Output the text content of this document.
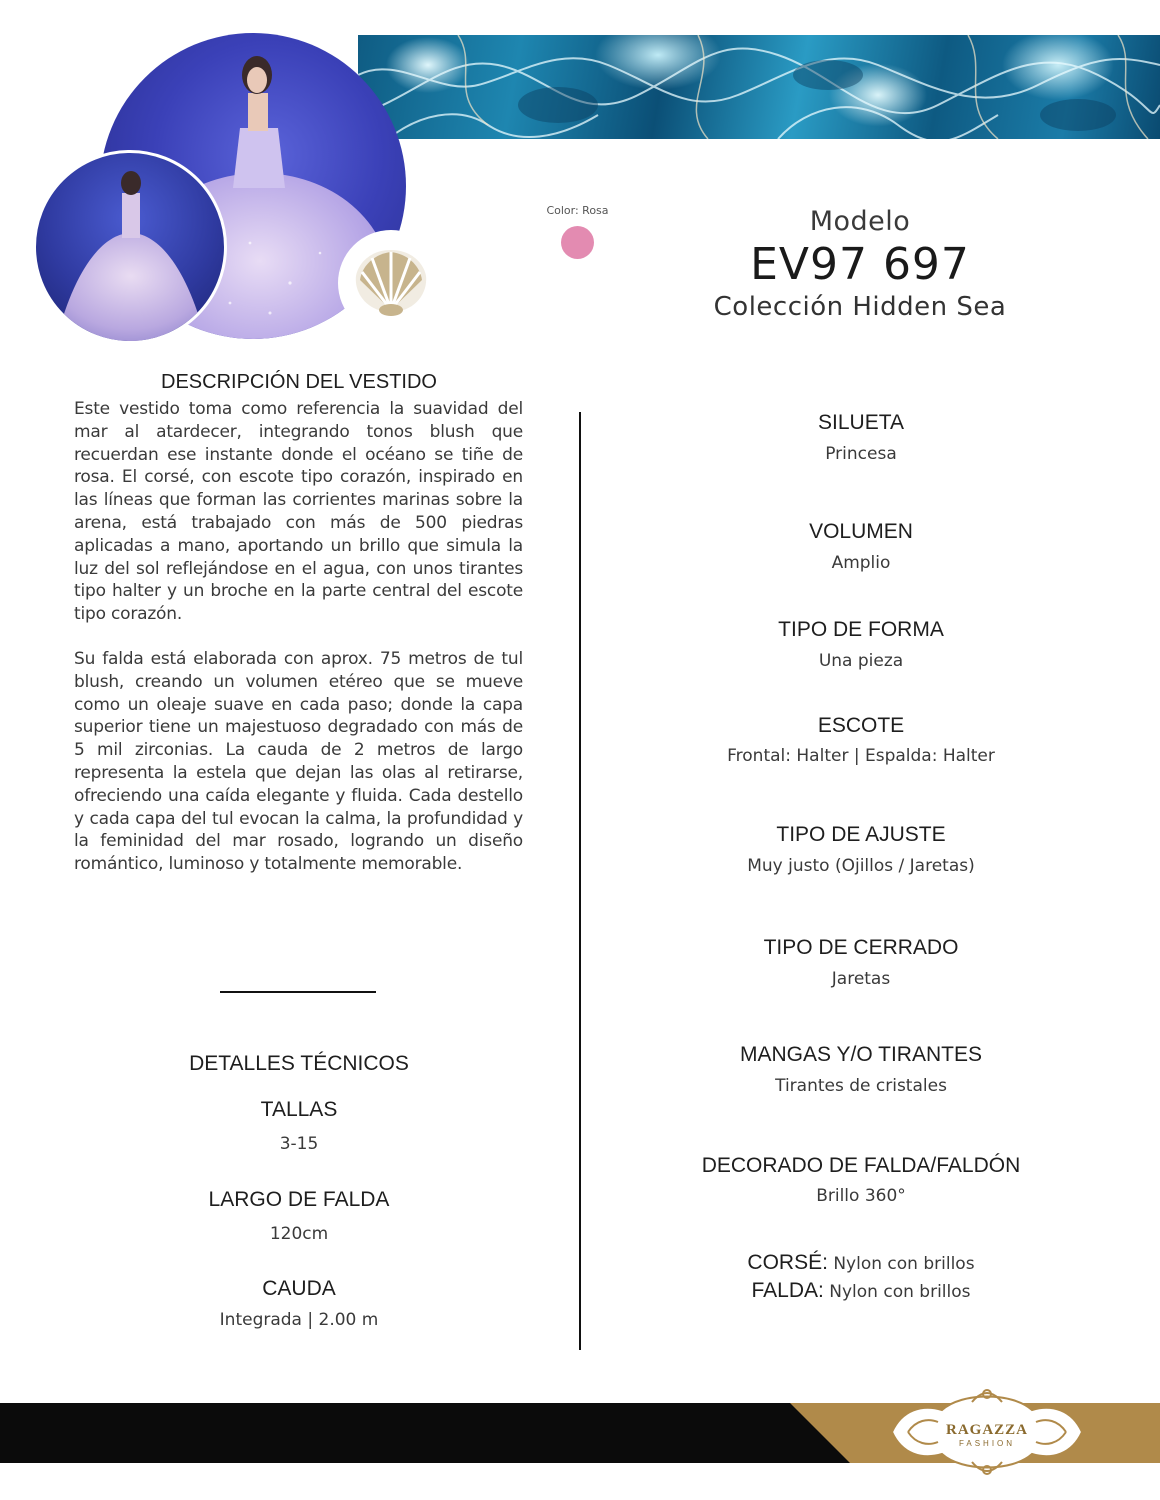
Color: Rosa	Modelo
EV97 697
Colección Hidden Sea
DESCRIPCIÓN DEL VESTIDO
Este vestido toma como referencia la suavidad del mar al atardecer, integrando tonos blush que recuerdan ese instante donde el océano se tiñe de rosa. El corsé, con escote tipo corazón, inspirado en las líneas que forman las corrientes marinas sobre la arena, está trabajado con más de 500 piedras aplicadas a mano, aportando un brillo que simula la luz del sol reflejándose en el agua, con unos tirantes tipo halter y un broche en la parte central del escote tipo corazón.
Su falda está elaborada con aprox. 75 metros de tul blush, creando un volumen etéreo que se mueve como un oleaje suave en cada paso; donde la capa superior tiene un majestuoso degradado con más de 5 mil zirconias. La cauda de 2 metros de largo representa la estela que dejan las olas al retirarse, ofreciendo una caída elegante y fluida. Cada destello y cada capa del tul evocan la calma, la profundidad y la feminidad del mar rosado, logrando un diseño romántico, luminoso y totalmente memorable.
DETALLES TÉCNICOS
TALLAS
3-15
LARGO DE FALDA
120cm
CAUDA
Integrada | 2.00 m
SILUETA
Princesa
VOLUMEN
Amplio
TIPO DE FORMA
Una pieza
ESCOTE
Frontal: Halter | Espalda: Halter
TIPO DE AJUSTE
Muy justo (Ojillos / Jaretas)
TIPO DE CERRADO
Jaretas
MANGAS Y/O TIRANTES
Tirantes de cristales
DECORADO DE FALDA/FALDÓN
Brillo 360°
CORSÉ: Nylon con brillos
FALDA: Nylon con brillos
RAGAZZA
FASHION
